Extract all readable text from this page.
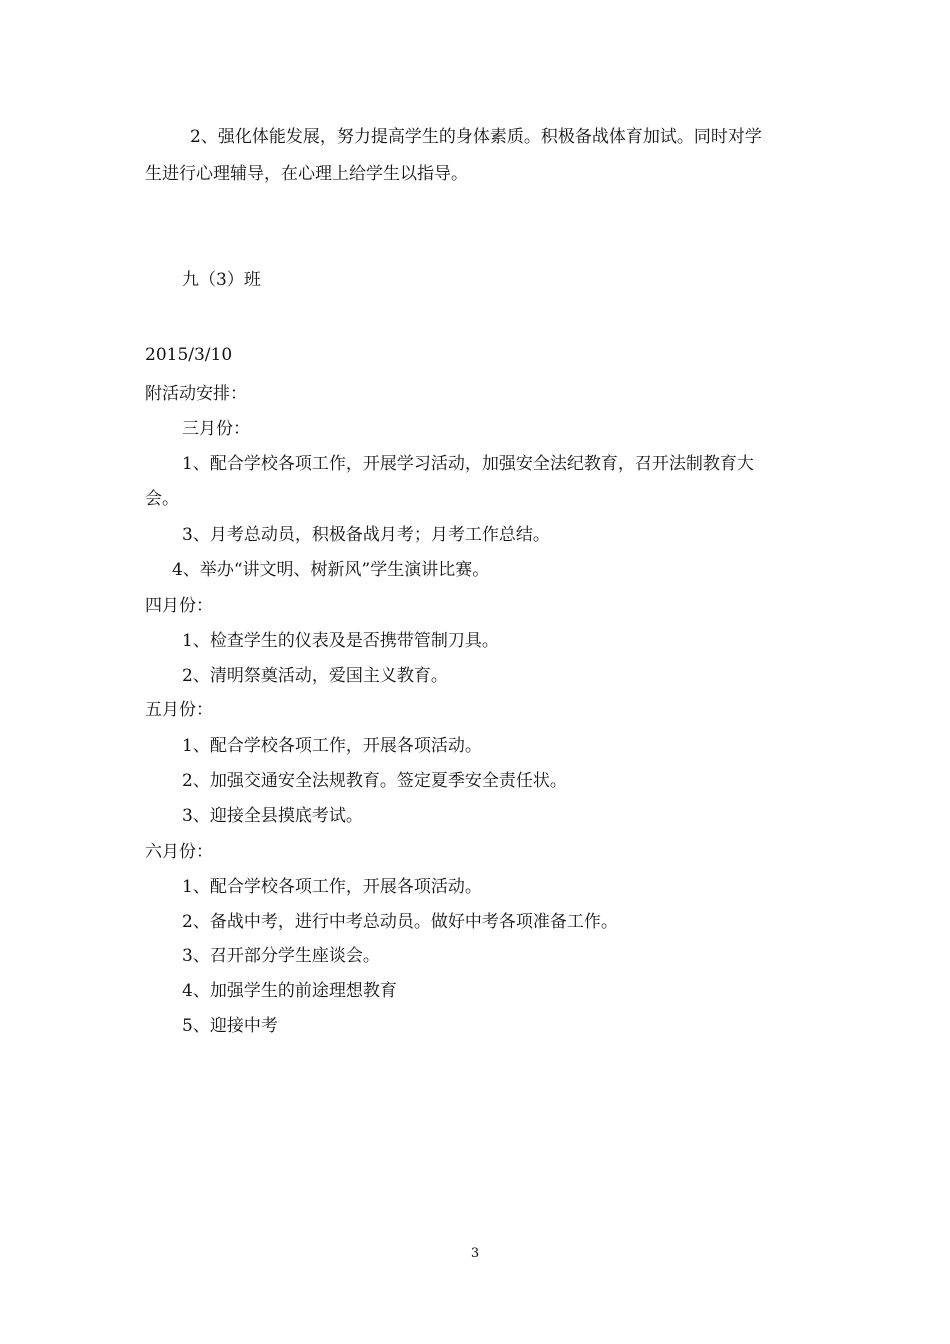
2、强化体能发展，努力提高学生的身体素质。积极备战体育加试。同时对学
生进行心理辅导，在心理上给学生以指导。
九（3）班
2015/3/10
附活动安排：
三月份：
1、配合学校各项工作，开展学习活动，加强安全法纪教育，召开法制教育大
会。
3、月考总动员，积极备战月考；月考工作总结。
4、举办“讲文明、树新风”学生演讲比赛。
四月份：
1、检查学生的仪表及是否携带管制刀具。
2、清明祭奠活动，爱国主义教育。
五月份：
1、配合学校各项工作，开展各项活动。
2、加强交通安全法规教育。签定夏季安全责任状。
3、迎接全县摸底考试。
六月份：
1、配合学校各项工作，开展各项活动。
2、备战中考，进行中考总动员。做好中考各项准备工作。
3、召开部分学生座谈会。
4、加强学生的前途理想教育
5、迎接中考
3
